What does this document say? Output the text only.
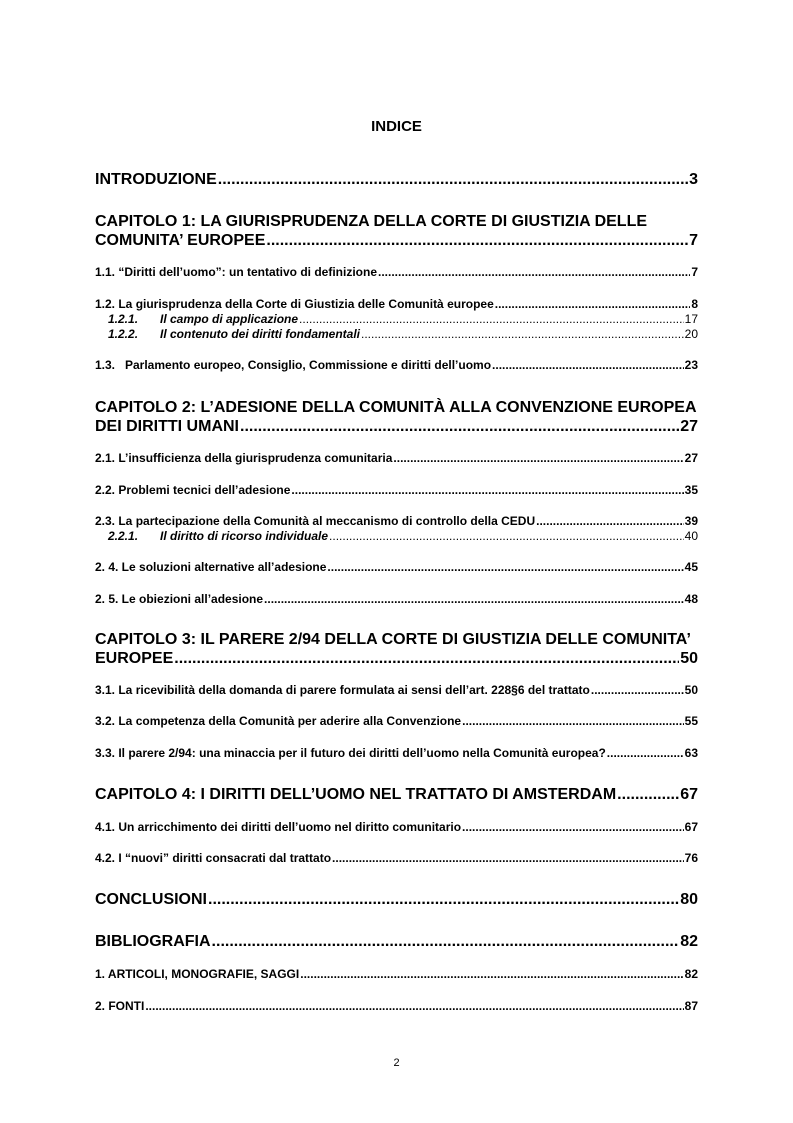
INDICE
INTRODUZIONE .....	3
CAPITOLO 1: LA GIURISPRUDENZA DELLA CORTE DI GIUSTIZIA DELLE
COMUNITA’ EUROPEE .....	7
1.1. “Diritti dell’uomo”: un tentativo di definizione .....	7
1.2. La giurisprudenza della Corte di Giustizia delle Comunità europee .....	8
1.2.1. Il campo di applicazione .....	17
1.2.2. Il contenuto dei diritti fondamentali .....	20
1.3. Parlamento europeo, Consiglio, Commissione e diritti dell’uomo .....	23
CAPITOLO 2: L’ADESIONE DELLA COMUNITÀ ALLA CONVENZIONE EUROPEA
DEI DIRITTI UMANI .....	27
2.1. L’insufficienza della giurisprudenza comunitaria .....	27
2.2. Problemi tecnici dell’adesione .....	35
2.3. La partecipazione della Comunità al meccanismo di controllo della CEDU .....	39
2.2.1. Il diritto di ricorso individuale .....	40
2. 4. Le soluzioni alternative all’adesione .....	45
2. 5. Le obiezioni all’adesione .....	48
CAPITOLO 3: IL PARERE 2/94 DELLA CORTE DI GIUSTIZIA DELLE COMUNITA’
EUROPEE .....	50
3.1. La ricevibilità della domanda di parere formulata ai sensi dell’art. 228§6 del trattato .....	50
3.2. La competenza della Comunità per aderire alla Convenzione .....	55
3.3. Il parere 2/94: una minaccia per il futuro dei diritti dell’uomo nella Comunità europea? .....	63
CAPITOLO 4: I DIRITTI DELL’UOMO NEL TRATTATO DI AMSTERDAM .....	67
4.1. Un arricchimento dei diritti dell’uomo nel diritto comunitario .....	67
4.2. I “nuovi” diritti consacrati dal trattato .....	76
CONCLUSIONI .....	80
BIBLIOGRAFIA .....	82
1. ARTICOLI, MONOGRAFIE, SAGGI .....	82
2. FONTI .....	87
2
